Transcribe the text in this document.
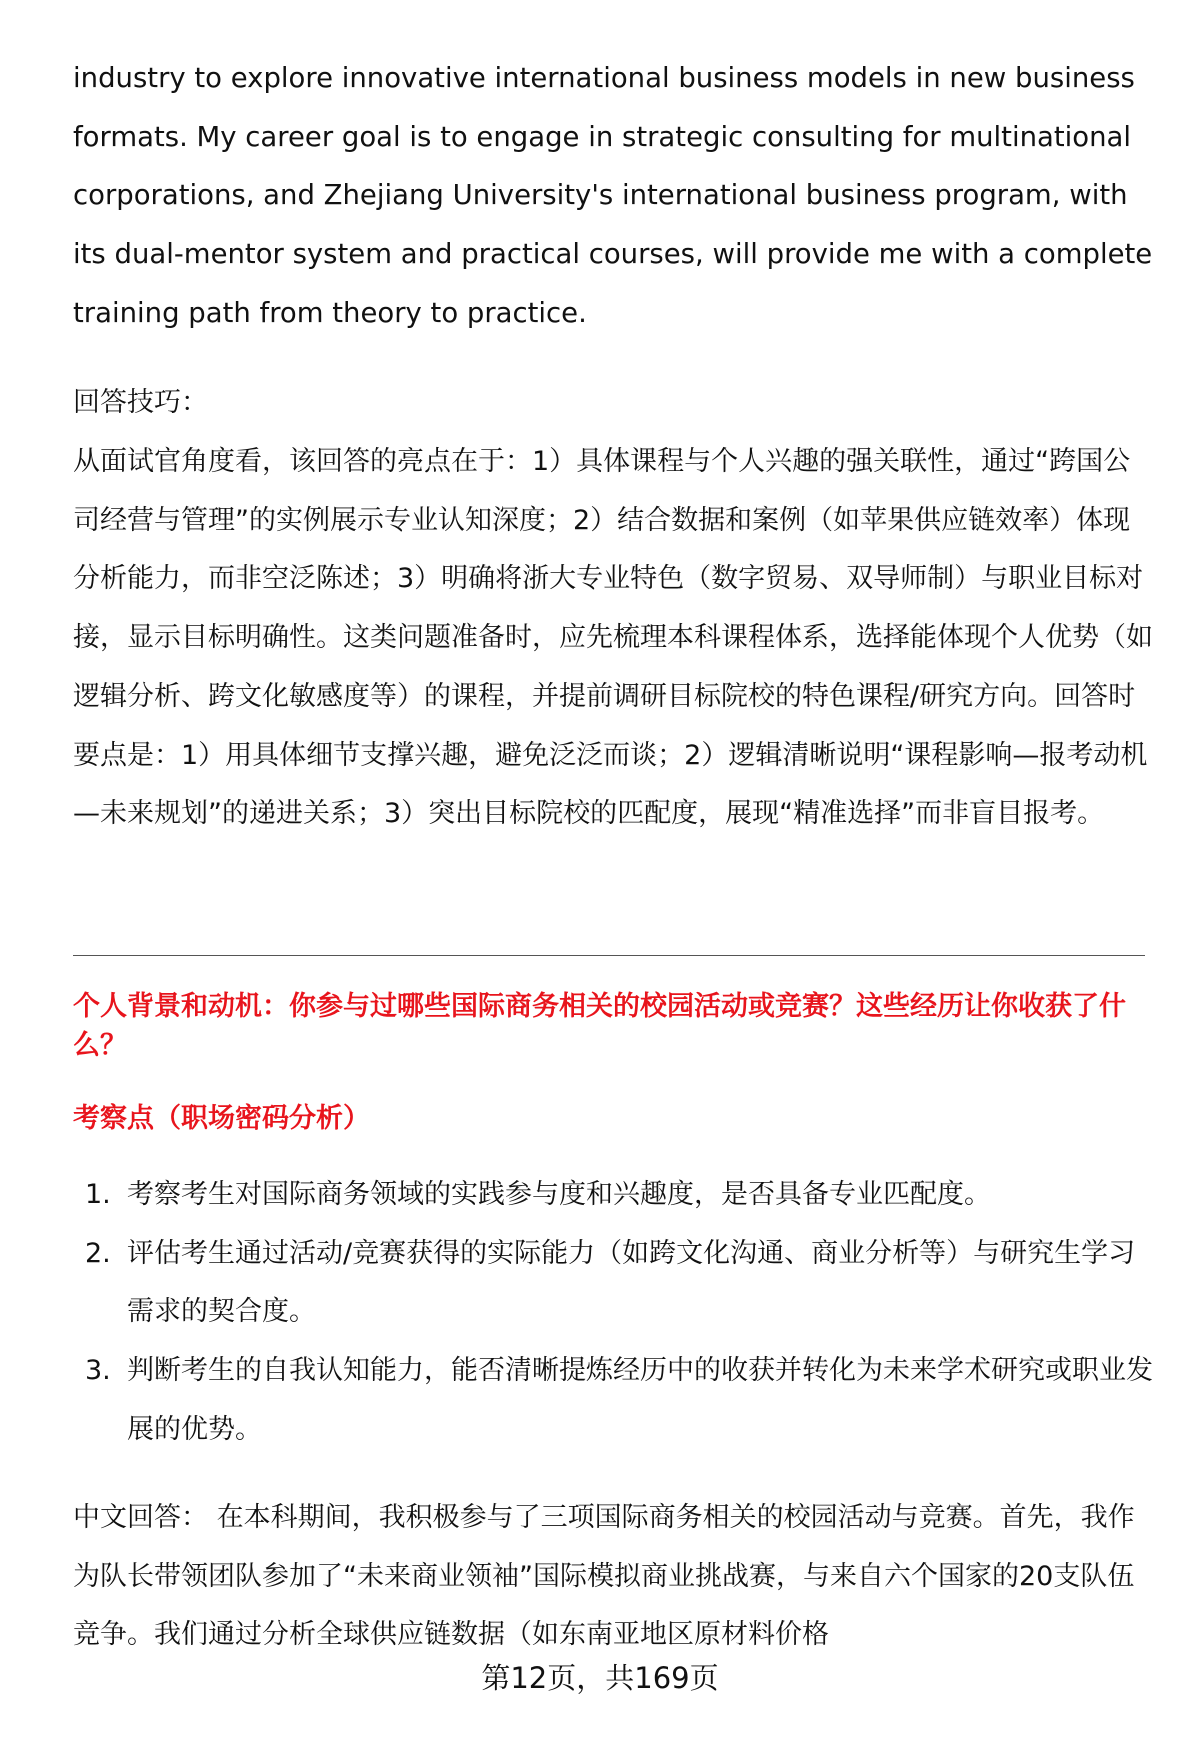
industry to explore innovative international business models in new business formats. My career goal is to engage in strategic consulting for multinational corporations, and Zhejiang University's international business program, with its dual-mentor system and practical courses, will provide me with a complete training path from theory to practice.
回答技巧：
从面试官角度看，该回答的亮点在于：1）具体课程与个人兴趣的强关联性，通过“跨国公司经营与管理”的实例展示专业认知深度；2）结合数据和案例（如苹果供应链效率）体现分析能力，而非空泛陈述；3）明确将浙大专业特色（数字贸易、双导师制）与职业目标对接，显示目标明确性。这类问题准备时，应先梳理本科课程体系，选择能体现个人优势（如逻辑分析、跨文化敏感度等）的课程，并提前调研目标院校的特色课程/研究方向。回答时要点是：1）用具体细节支撑兴趣，避免泛泛而谈；2）逻辑清晰说明“课程影响—报考动机—未来规划”的递进关系；3）突出目标院校的匹配度，展现“精准选择”而非盲目报考。
个人背景和动机：你参与过哪些国际商务相关的校园活动或竞赛？这些经历让你收获了什么？
考察点（职场密码分析）
1. 考察考生对国际商务领域的实践参与度和兴趣度，是否具备专业匹配度。
2. 评估考生通过活动/竞赛获得的实际能力（如跨文化沟通、商业分析等）与研究生学习需求的契合度。
3. 判断考生的自我认知能力，能否清晰提炼经历中的收获并转化为未来学术研究或职业发展的优势。
中文回答： 在本科期间，我积极参与了三项国际商务相关的校园活动与竞赛。首先，我作为队长带领团队参加了“未来商业领袖”国际模拟商业挑战赛，与来自六个国家的20支队伍竞争。我们通过分析全球供应链数据（如东南亚地区原材料价格
第12页，共169页
